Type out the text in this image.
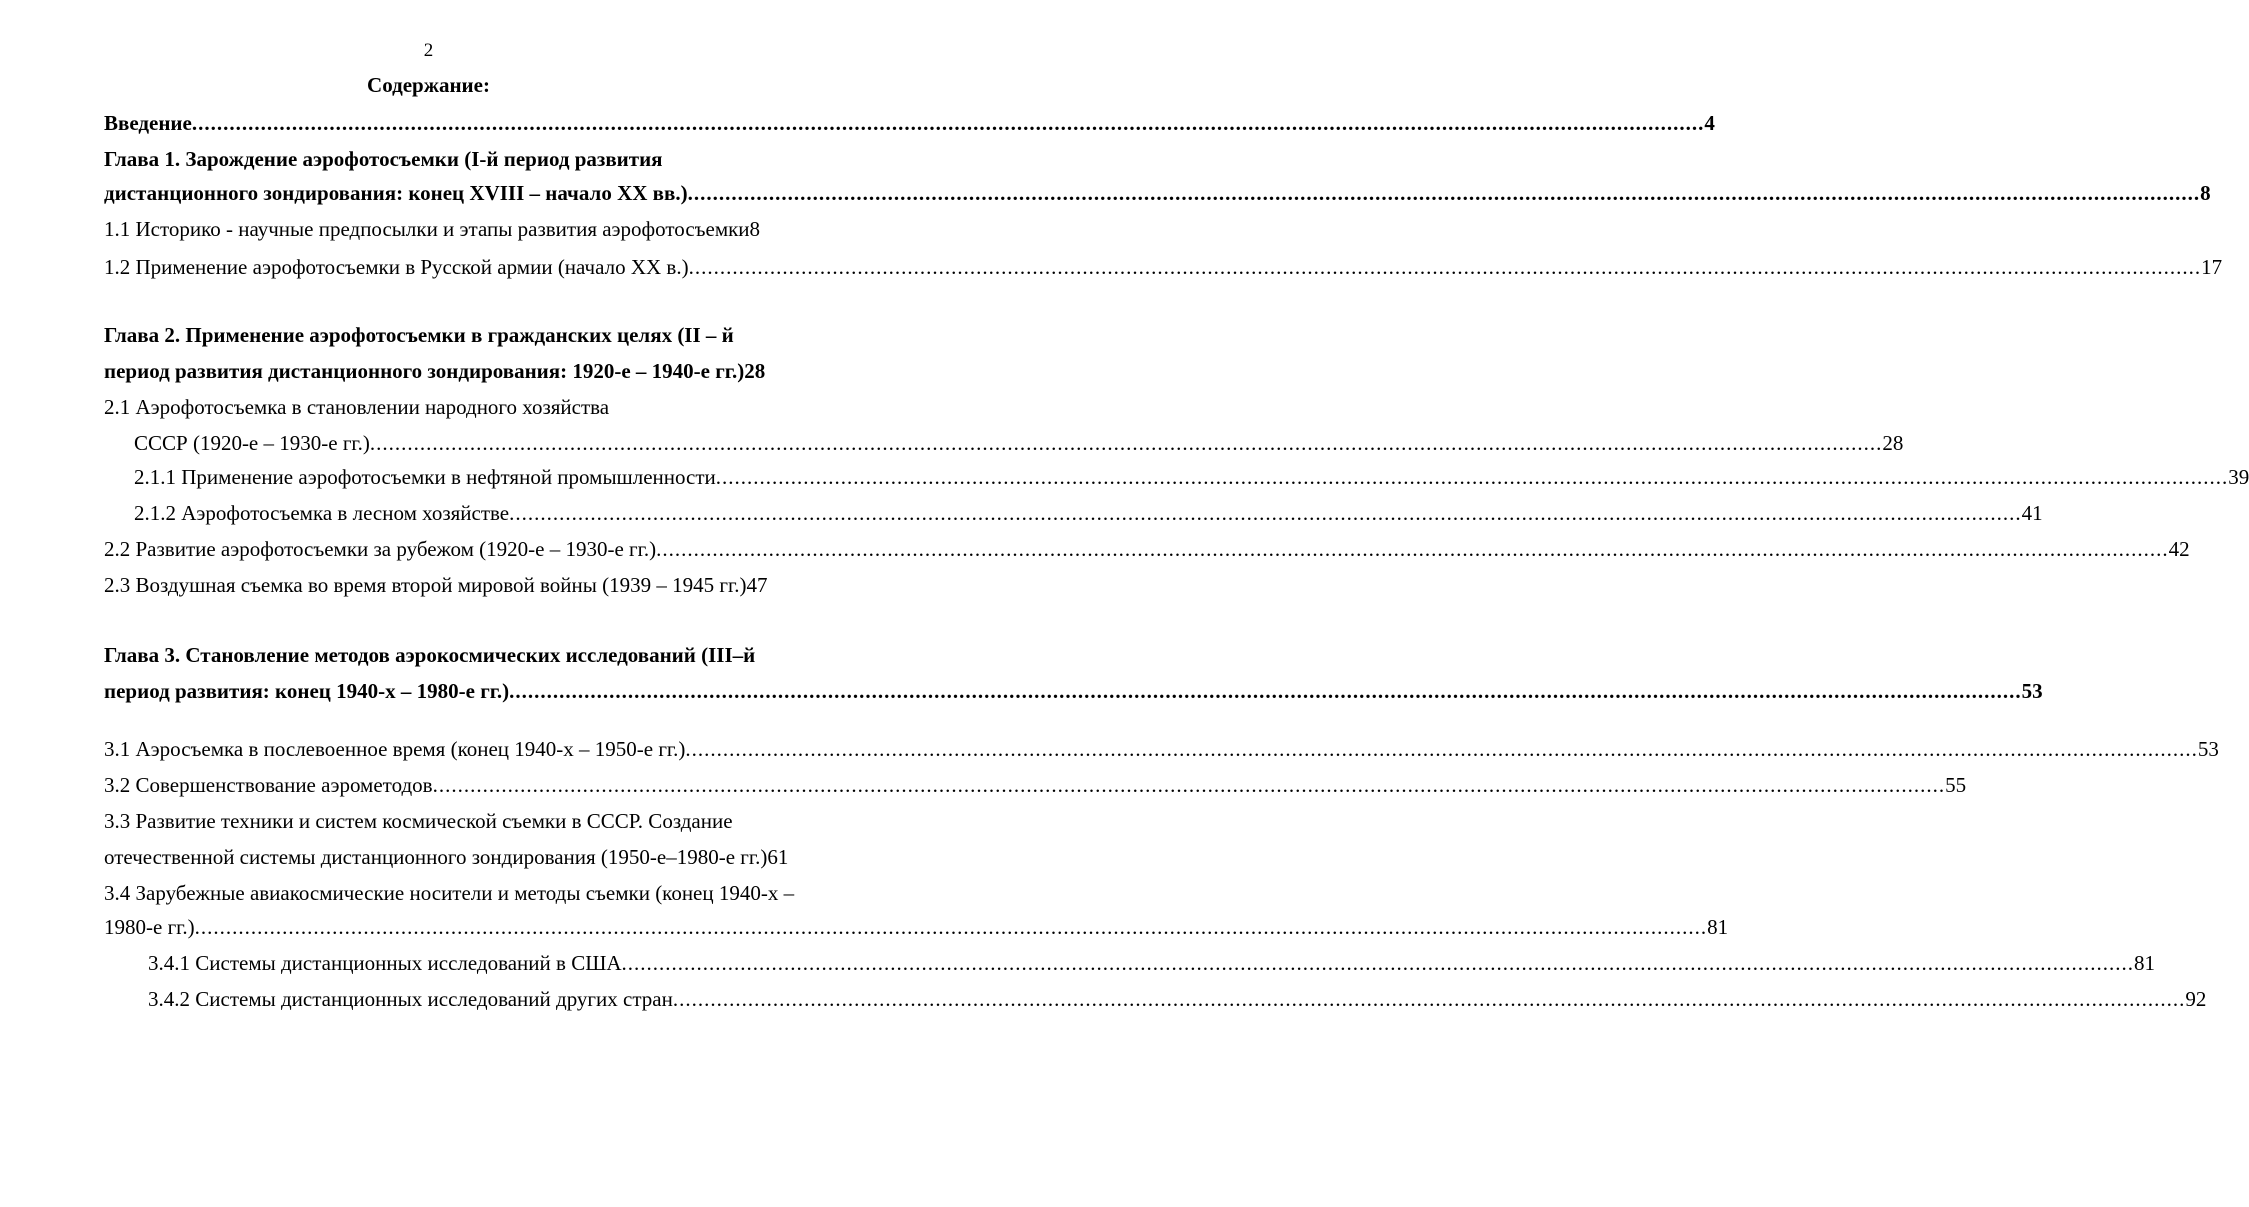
2
Содержание:
Введение .....	4
Глава 1. Зарождение аэрофотосъемки (I-й период развития
дистанционного зондирования: конец XVIII – начало XX вв.) .....	8
1.1 Историко - научные предпосылки и этапы развития аэрофотосъемки 8
1.2 Применение аэрофотосъемки в Русской армии (начало XX в.) .....	17
Глава 2. Применение аэрофотосъемки в гражданских целях (II – й
период развития дистанционного зондирования: 1920-е – 1940-е гг.) 28
2.1 Аэрофотосъемка в становлении народного хозяйства
СССР (1920-е – 1930-е гг.) .....	28
2.1.1 Применение аэрофотосъемки в нефтяной промышленности .....	39
2.1.2 Аэрофотосъемка в лесном хозяйстве .....	41
2.2 Развитие аэрофотосъемки за рубежом (1920-е – 1930-е гг.) .....	42
2.3 Воздушная съемка во время второй мировой войны (1939 – 1945 гг.) 47
Глава 3. Становление методов аэрокосмических исследований (III–й
период развития: конец 1940-х – 1980-е гг.) .....	53
3.1 Аэросъемка в послевоенное время (конец 1940-х – 1950-е гг.) .....	53
3.2 Совершенствование аэрометодов .....	55
3.3 Развитие техники и систем космической съемки в СССР. Создание
отечественной системы дистанционного зондирования (1950-е–1980-е гг.) 61
3.4 Зарубежные авиакосмические носители и методы съемки (конец 1940-х –
1980-е гг.) .....	81
3.4.1 Системы дистанционных исследований в США .....	81
3.4.2 Системы дистанционных исследований других стран .....	92
